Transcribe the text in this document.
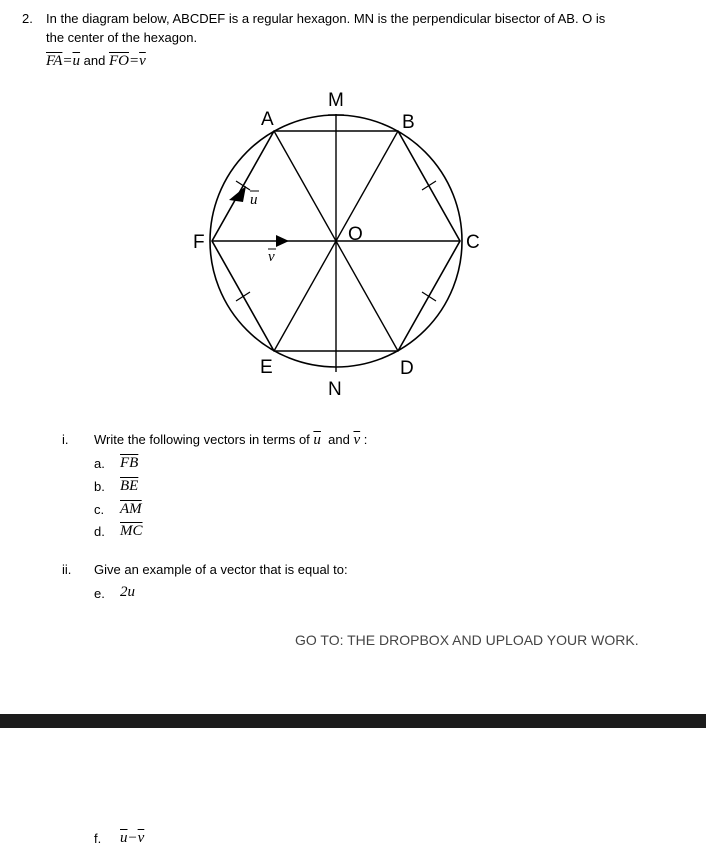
2. In the diagram below, ABCDEF is a regular hexagon. MN is the perpendicular bisector of AB. O is
the center of the hexagon.
$\overline{FA}=\overline{u}$ and $\overline{FO}=\overline{v}$
M
A	B
C
F	O
E	D
N
u
v
i. Write the following vectors in terms of $\overline{u}$ and $\overline{v}$ :
a. $\overline{FB}$
b. $\overline{BE}$
c. $\overline{AM}$
d. $\overline{MC}$
ii. Give an example of a vector that is equal to:
e. 2u
GO TO: THE DROPBOX AND UPLOAD YOUR WORK.
f. $\overline{u}-\overline{v}$
